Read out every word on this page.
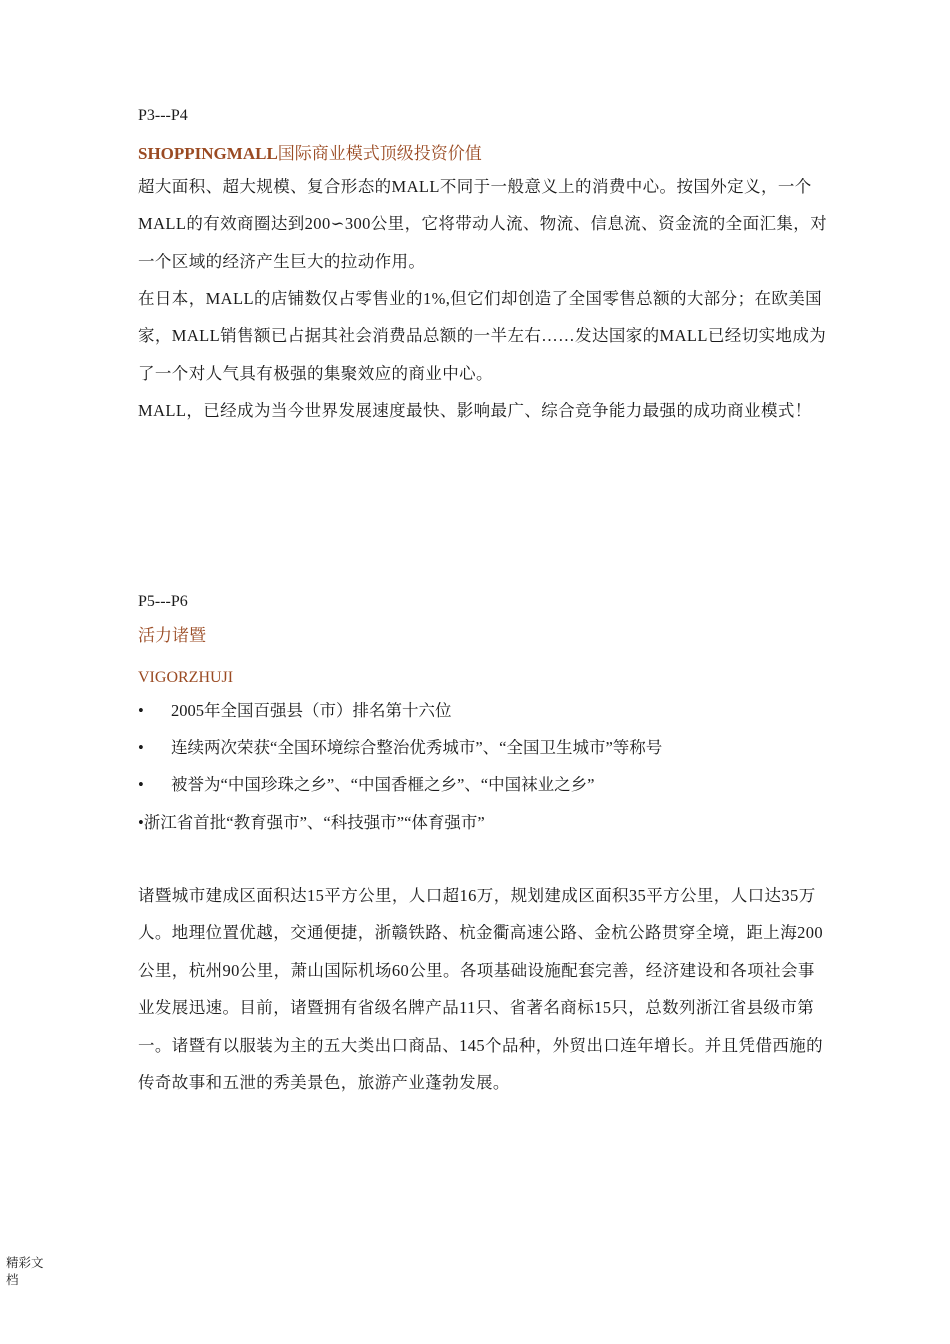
P3---P4
SHOPPINGMALL国际商业模式顶级投资价值
超大面积、超大规模、复合形态的MALL不同于一般意义上的消费中心。按国外定义，一个MALL的有效商圈达到200∽300公里，它将带动人流、物流、信息流、资金流的全面汇集，对一个区域的经济产生巨大的拉动作用。
在日本，MALL的店铺数仅占零售业的1%,但它们却创造了全国零售总额的大部分；在欧美国家，MALL销售额已占据其社会消费品总额的一半左右……发达国家的MALL已经切实地成为了一个对人气具有极强的集聚效应的商业中心。
MALL，已经成为当今世界发展速度最快、影响最广、综合竞争能力最强的成功商业模式！
P5---P6
活力诸暨
VIGORZHUJI
• 2005年全国百强县（市）排名第十六位
• 连续两次荣获“全国环境综合整治优秀城市”、“全国卫生城市”等称号
• 被誉为“中国珍珠之乡”、“中国香榧之乡”、“中国袜业之乡”
•浙江省首批“教育强市”、“科技强市”“体育强市”
诸暨城市建成区面积达15平方公里，人口超16万，规划建成区面积35平方公里，人口达35万人。地理位置优越，交通便捷，浙赣铁路、杭金衢高速公路、金杭公路贯穿全境，距上海200公里，杭州90公里，萧山国际机场60公里。各项基础设施配套完善，经济建设和各项社会事业发展迅速。目前，诸暨拥有省级名牌产品11只、省著名商标15只，总数列浙江省县级市第一。诸暨有以服装为主的五大类出口商品、145个品种，外贸出口连年增长。并且凭借西施的传奇故事和五泄的秀美景色，旅游产业蓬勃发展。
精彩文档
